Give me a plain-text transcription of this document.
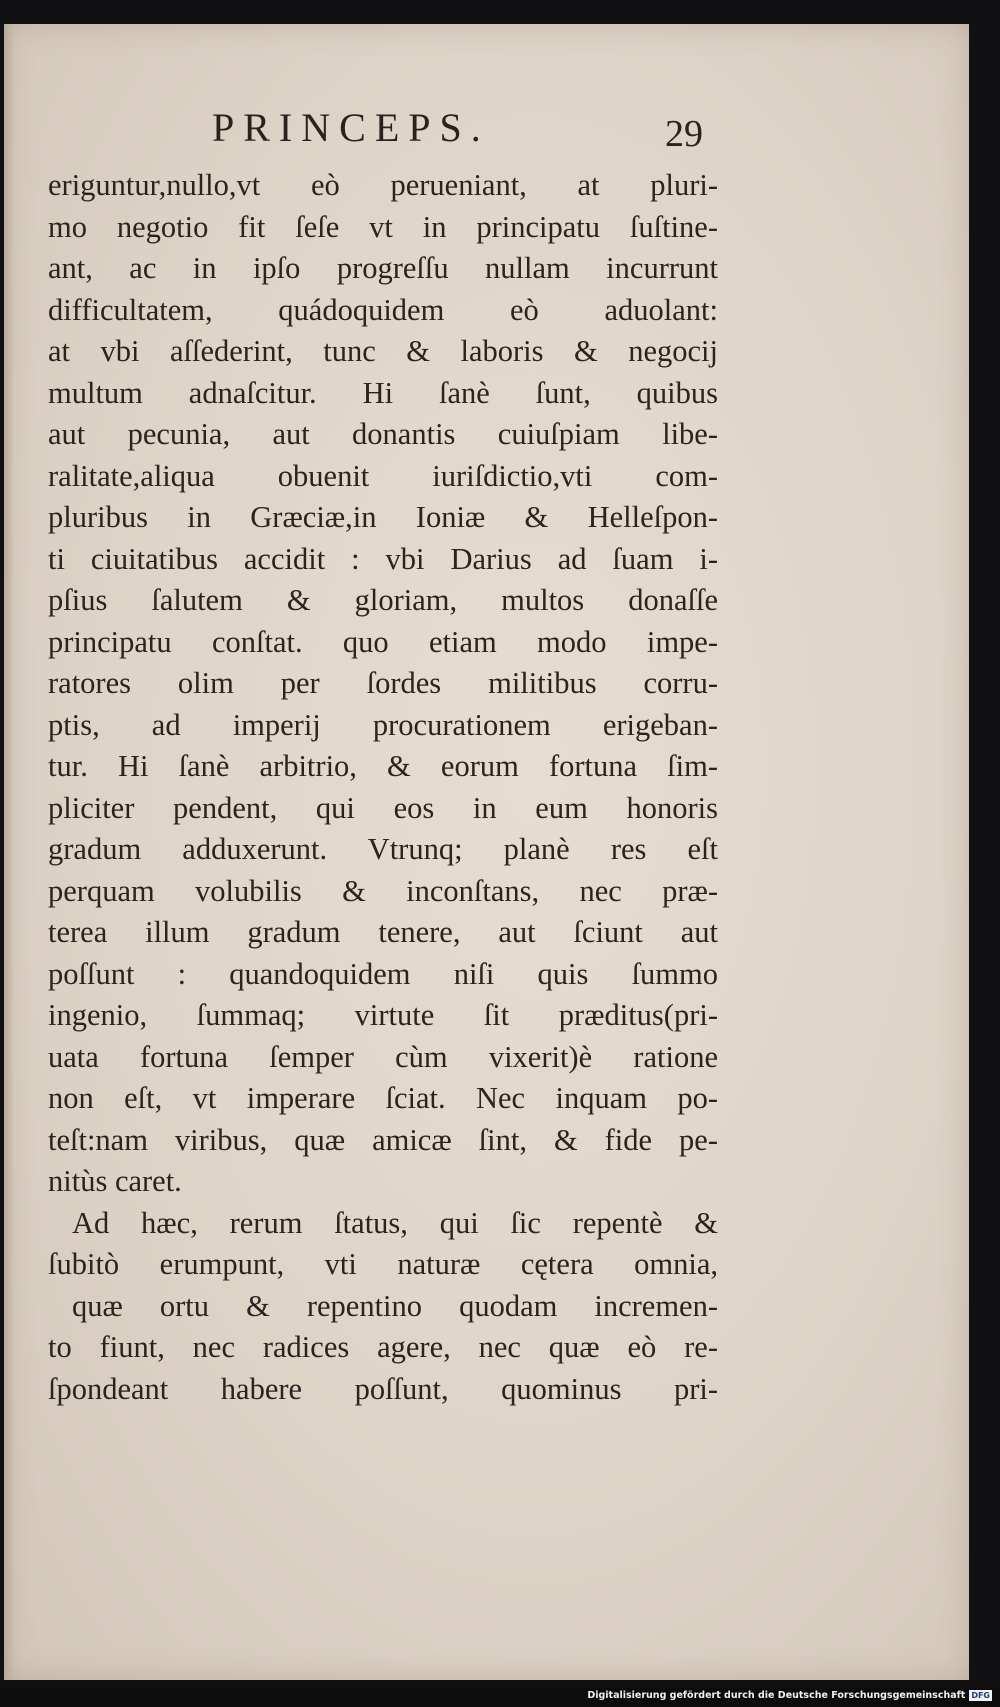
PRINCEPS.	29
eriguntur,nullo,vt eò perueniant, at pluri-
mo negotio fit ſeſe vt in principatu ſuſtine-
ant, ac in ipſo progreſſu nullam incurrunt
difficultatem, quádoquidem eò aduolant:
at vbi aſſederint, tunc & laboris & negocij
multum adnaſcitur. Hi ſanè ſunt, quibus
aut pecunia, aut donantis cuiuſpiam libe-
ralitate,aliqua obuenit iuriſdictio,vti com-
pluribus in Græciæ,in Ioniæ & Helleſpon-
ti ciuitatibus accidit : vbi Darius ad ſuam i-
pſius ſalutem & gloriam, multos donaſſe
principatu conſtat. quo etiam modo impe-
ratores olim per ſordes militibus corru-
ptis, ad imperij procurationem erigeban-
tur. Hi ſanè arbitrio, & eorum fortuna ſim-
pliciter pendent, qui eos in eum honoris
gradum adduxerunt. Vtrunq; planè res eſt
perquam volubilis & inconſtans, nec præ-
terea illum gradum tenere, aut ſciunt aut
poſſunt : quandoquidem niſi quis ſummo
ingenio, ſummaq; virtute ſit præditus(pri-
uata fortuna ſemper cùm vixerit)è ratione
non eſt, vt imperare ſciat. Nec inquam po-
teſt:nam viribus, quæ amicæ ſint, & fide pe-
nitùs caret.
Ad hæc, rerum ſtatus, qui ſic repentè &
ſubitò erumpunt, vti naturæ cętera omnia,
quæ ortu & repentino quodam incremen-
to fiunt, nec radices agere, nec quæ eò re-
ſpondeant habere poſſunt, quominus pri-
Digitalisierung gefördert durch die Deutsche Forschungsgemeinschaft DFG
